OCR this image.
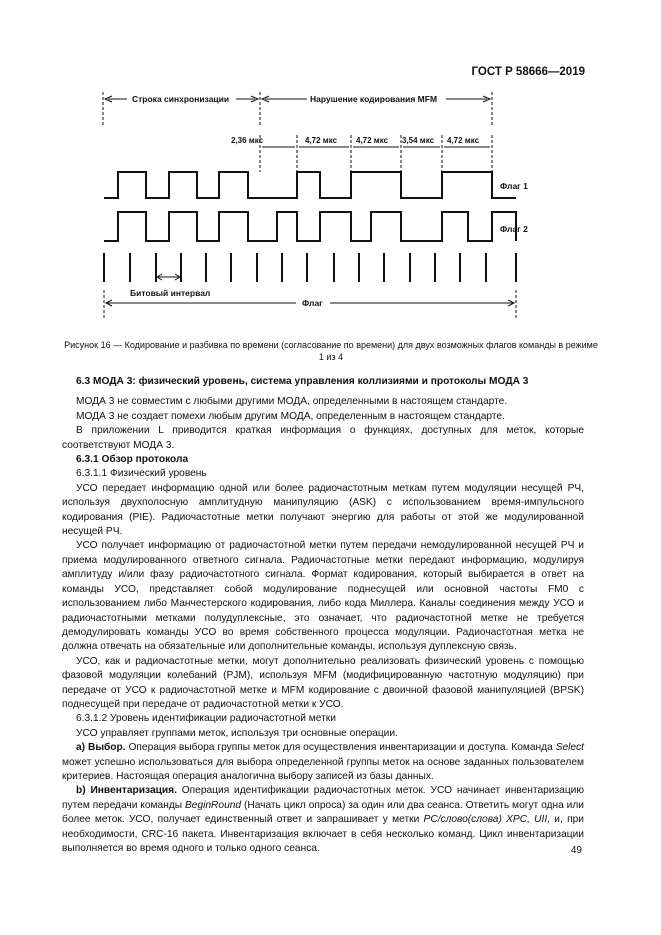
ГОСТ Р 58666—2019
Строка синхронизации	Нарушение кодирования MFM
2,36 мкс	4,72 мкс 4,72 мкс 3,54 мкс 4,72 мкс
Флаг 1
Флаг 2
Битовый интервал
Флаг
Рисунок 16 — Кодирование и разбивка по времени (согласование по времени) для двух возможных флагов команды в режиме 1 из 4

6.3 МОДА 3: физический уровень, система управления коллизиями и протоколы МОДА 3

МОДА 3 не совместим с любыми другими МОДА, определенными в настоящем стандарте.

МОДА 3 не создает помехи любым другим МОДА, определенным в настоящем стандарте.

В приложении L приводится краткая информация о функциях, доступных для меток, которые соответствуют МОДА 3.

6.3.1 Обзор протокола

6.3.1.1 Физический уровень

УСО передает информацию одной или более радиочастотным меткам путем модуляции несущей РЧ, используя двухполосную амплитудную манипуляцию (ASK) с использованием время-импульсного кодирования (PIE). Радиочастотные метки получают энергию для работы от этой же модулированной несущей РЧ.

УСО получает информацию от радиочастотной метки путем передачи немодулированной несущей РЧ и приема модулированного ответного сигнала. Радиочастотные метки передают информацию, модулируя амплитуду и/или фазу радиочастотного сигнала. Формат кодирования, который выбирается в ответ на команды УСО, представляет собой модулирование поднесущей или основной частоты FM0 с использованием либо Манчестерского кодирования, либо кода Миллера. Каналы соединения между УСО и радиочастотными метками полудуплексные, это означает, что радиочастотной метке не требуется демодулировать команды УСО во время собственного процесса модуляции. Радиочастотная метка не должна отвечать на обязательные или дополнительные команды, используя дуплексную связь.

УСО, как и радиочастотные метки, могут дополнительно реализовать физический уровень с помощью фазовой модуляции колебаний (PJM), используя MFM (модифицированную частотную модуляцию) при передаче от УСО к радиочастотной метке и MFM кодирование с двоичной фазовой манипуляцией (BPSK) поднесущей при передаче от радиочастотной метки к УСО.

6.3.1.2 Уровень идентификации радиочастотной метки

УСО управляет группами меток, используя три основные операции.

а) Выбор. Операция выбора группы меток для осуществления инвентаризации и доступа. Команда Select может успешно использоваться для выбора определенной группы меток на основе заданных пользователем критериев. Настоящая операция аналогична выбору записей из базы данных.

b) Инвентаризация. Операция идентификации радиочастотных меток. УСО начинает инвентаризацию путем передачи команды BeginRound (Начать цикл опроса) за один или два сеанса. Ответить могут одна или более меток. УСО, получает единственный ответ и запрашивает у метки PC/слово(слова) XPC, UII, и, при необходимости, CRC-16 пакета. Инвентаризация включает в себя несколько команд. Цикл инвентаризации выполняется во время одного и только одного сеанса.	49
